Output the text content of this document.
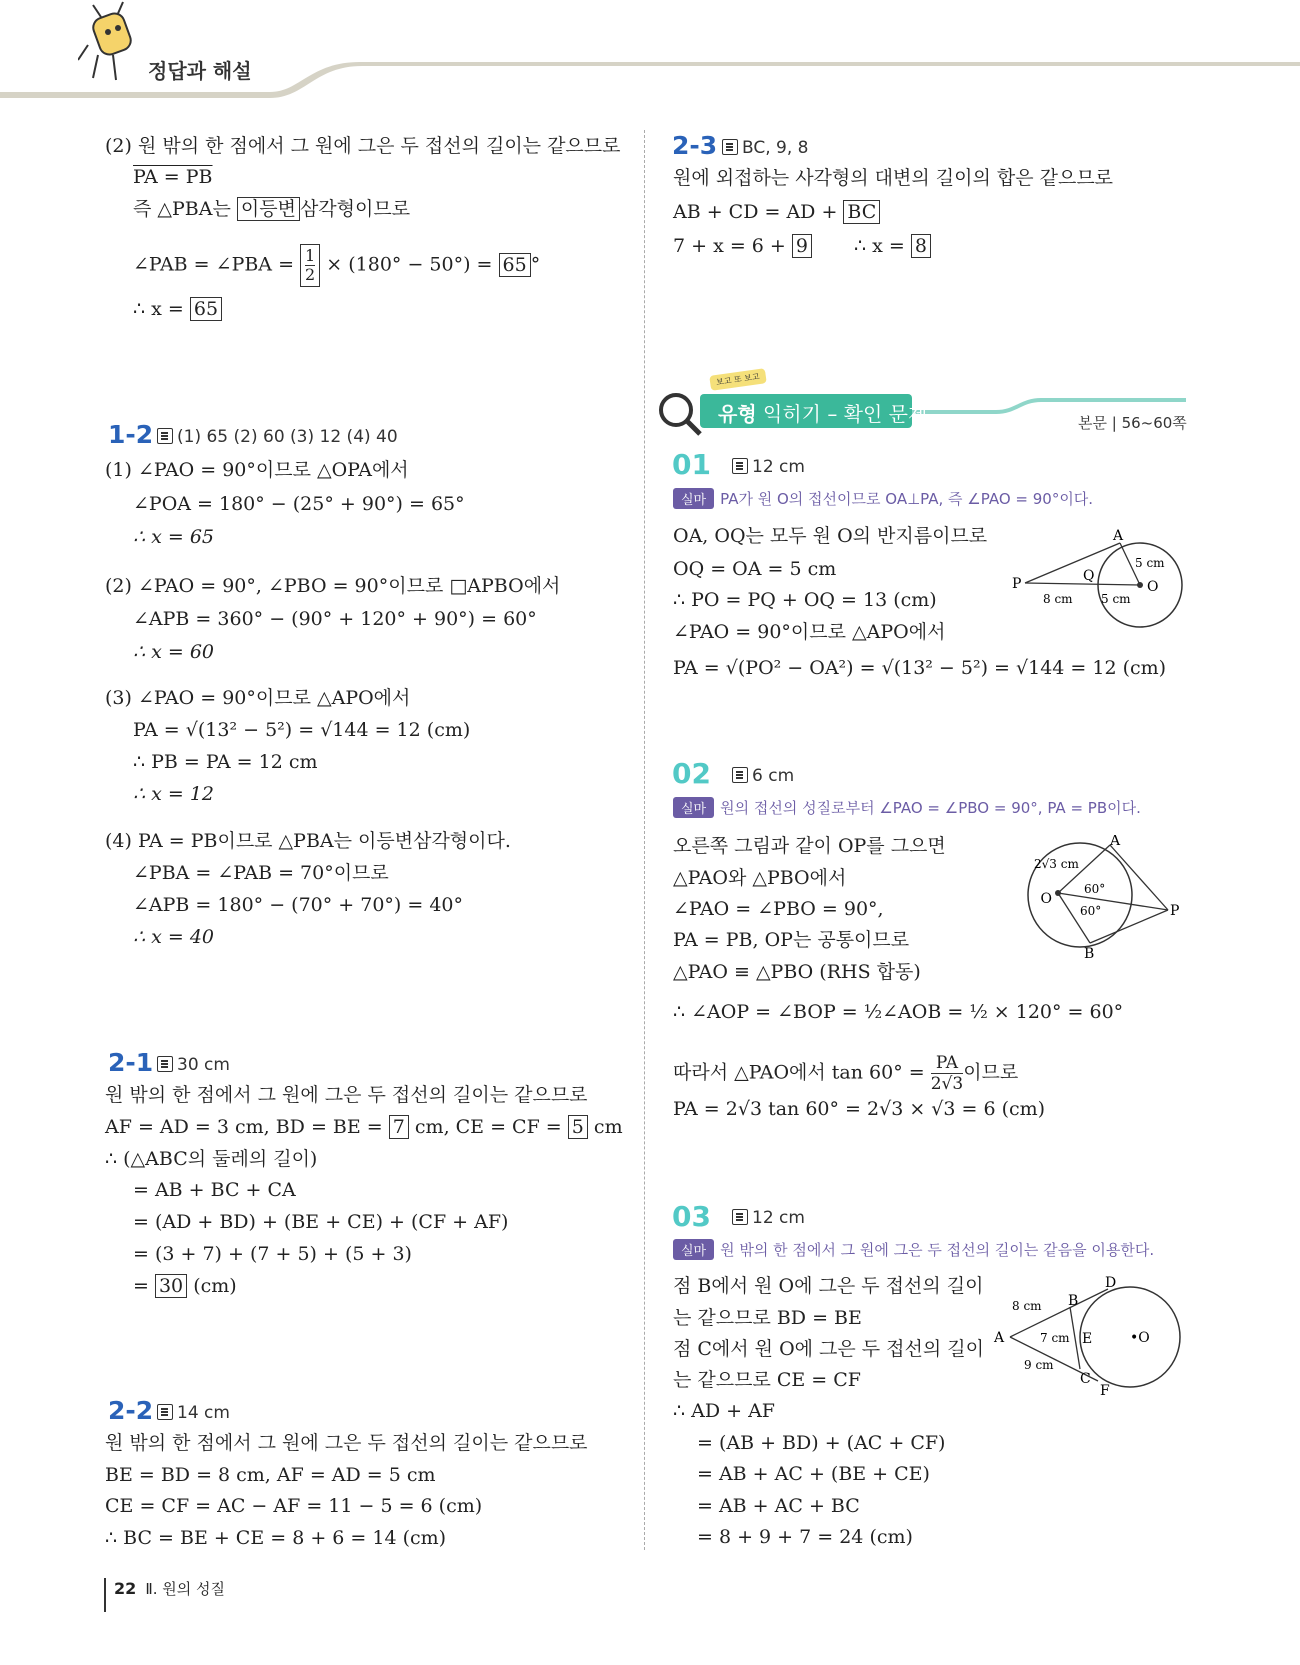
정답과 해설
(2) 원 밖의 한 점에서 그 원에 그은 두 접선의 길이는 같으므로
PA = PB
즉 △PBA는 이등변 삼각형이므로
∠PAB = ∠PBA = $\frac{1}{2} \times (180^\circ - 50^\circ) = 65$ °
∴ x = 65
1-2	(1) 65 (2) 60 (3) 12 (4) 40
(1) ∠PAO = 90°이므로 △OPA에서
∠POA = 180° − (25° + 90°) = 65°
∴ x = 65
(2) ∠PAO = 90°, ∠PBO = 90°이므로 □APBO에서
∠APB = 360° − (90° + 120° + 90°) = 60°
∴ x = 60
(3) ∠PAO = 90°이므로 △APO에서
PA = √(13² − 5²) = √144 = 12 (cm)
∴ PB = PA = 12 cm
∴ x = 12
(4) PA = PB이므로 △PBA는 이등변삼각형이다.
∠PBA = ∠PAB = 70°이므로
∠APB = 180° − (70° + 70°) = 40°
∴ x = 40
2-1	30 cm
원 밖의 한 점에서 그 원에 그은 두 접선의 길이는 같으므로
AF = AD = 3 cm, BD = BE = 7 cm, CE = CF = 5 cm
∴ (△ABC의 둘레의 길이)
= AB + BC + CA
= (AD + BD) + (BE + CE) + (CF + AF)
= (3 + 7) + (7 + 5) + (5 + 3)
= 30 (cm)
2-2	14 cm
원 밖의 한 점에서 그 원에 그은 두 접선의 길이는 같으므로
BE = BD = 8 cm, AF = AD = 5 cm
CE = CF = AC − AF = 11 − 5 = 6 (cm)
∴ BC = BE + CE = 8 + 6 = 14 (cm)
2-3	BC, 9, 8
원에 외접하는 사각형의 대변의 길이의 합은 같으므로
AB + CD = AD + BC
7 + x = 6 + 9 ∴ x = 8
보고 또 보고
유형 익히기 – 확인 문제	본문 | 56~60쪽
01	12 cm
실마 PA가 원 O의 접선이므로 OA⊥PA, 즉 ∠PAO = 90°이다.
OA, OQ는 모두 원 O의 반지름이므로
OQ = OA = 5 cm
∴ PO = PQ + OQ = 13 (cm)
∠PAO = 90°이므로 △APO에서
PA = √(PO² − OA²) = √(13² − 5²) = √144 = 12 (cm)
A
P	Q
O
8 cm 5 cm
5 cm
02	6 cm
실마 원의 접선의 성질로부터 ∠PAO = ∠PBO = 90°, PA = PB이다.
오른쪽 그림과 같이 OP를 그으면
△PAO와 △PBO에서
∠PAO = ∠PBO = 90°,
PA = PB, OP는 공통이므로
△PAO ≡ △PBO (RHS 합동)
∴ ∠AOP = ∠BOP = ½∠AOB = ½ × 120° = 60°
따라서 △PAO에서 $\tan 60^\circ = \frac{PA}{2√3}$ 이므로
PA = 2√3 tan 60° = 2√3 × √3 = 6 (cm)
A
B
O
P
2√3 cm
60°
60°
03	12 cm
실마 원 밖의 한 점에서 그 원에 그은 두 접선의 길이는 같음을 이용한다.
점 B에서 원 O에 그은 두 접선의 길이
는 같으므로 BD = BE
점 C에서 원 O에 그은 두 접선의 길이
는 같으므로 CE = CF
∴ AD + AF
= (AB + BD) + (AC + CF)
= AB + AC + (BE + CE)
= AB + AC + BC
= 8 + 9 + 7 = 24 (cm)
D
B
A	E
C
F
•O
8 cm
7 cm
9 cm
22 Ⅱ. 원의 성질
